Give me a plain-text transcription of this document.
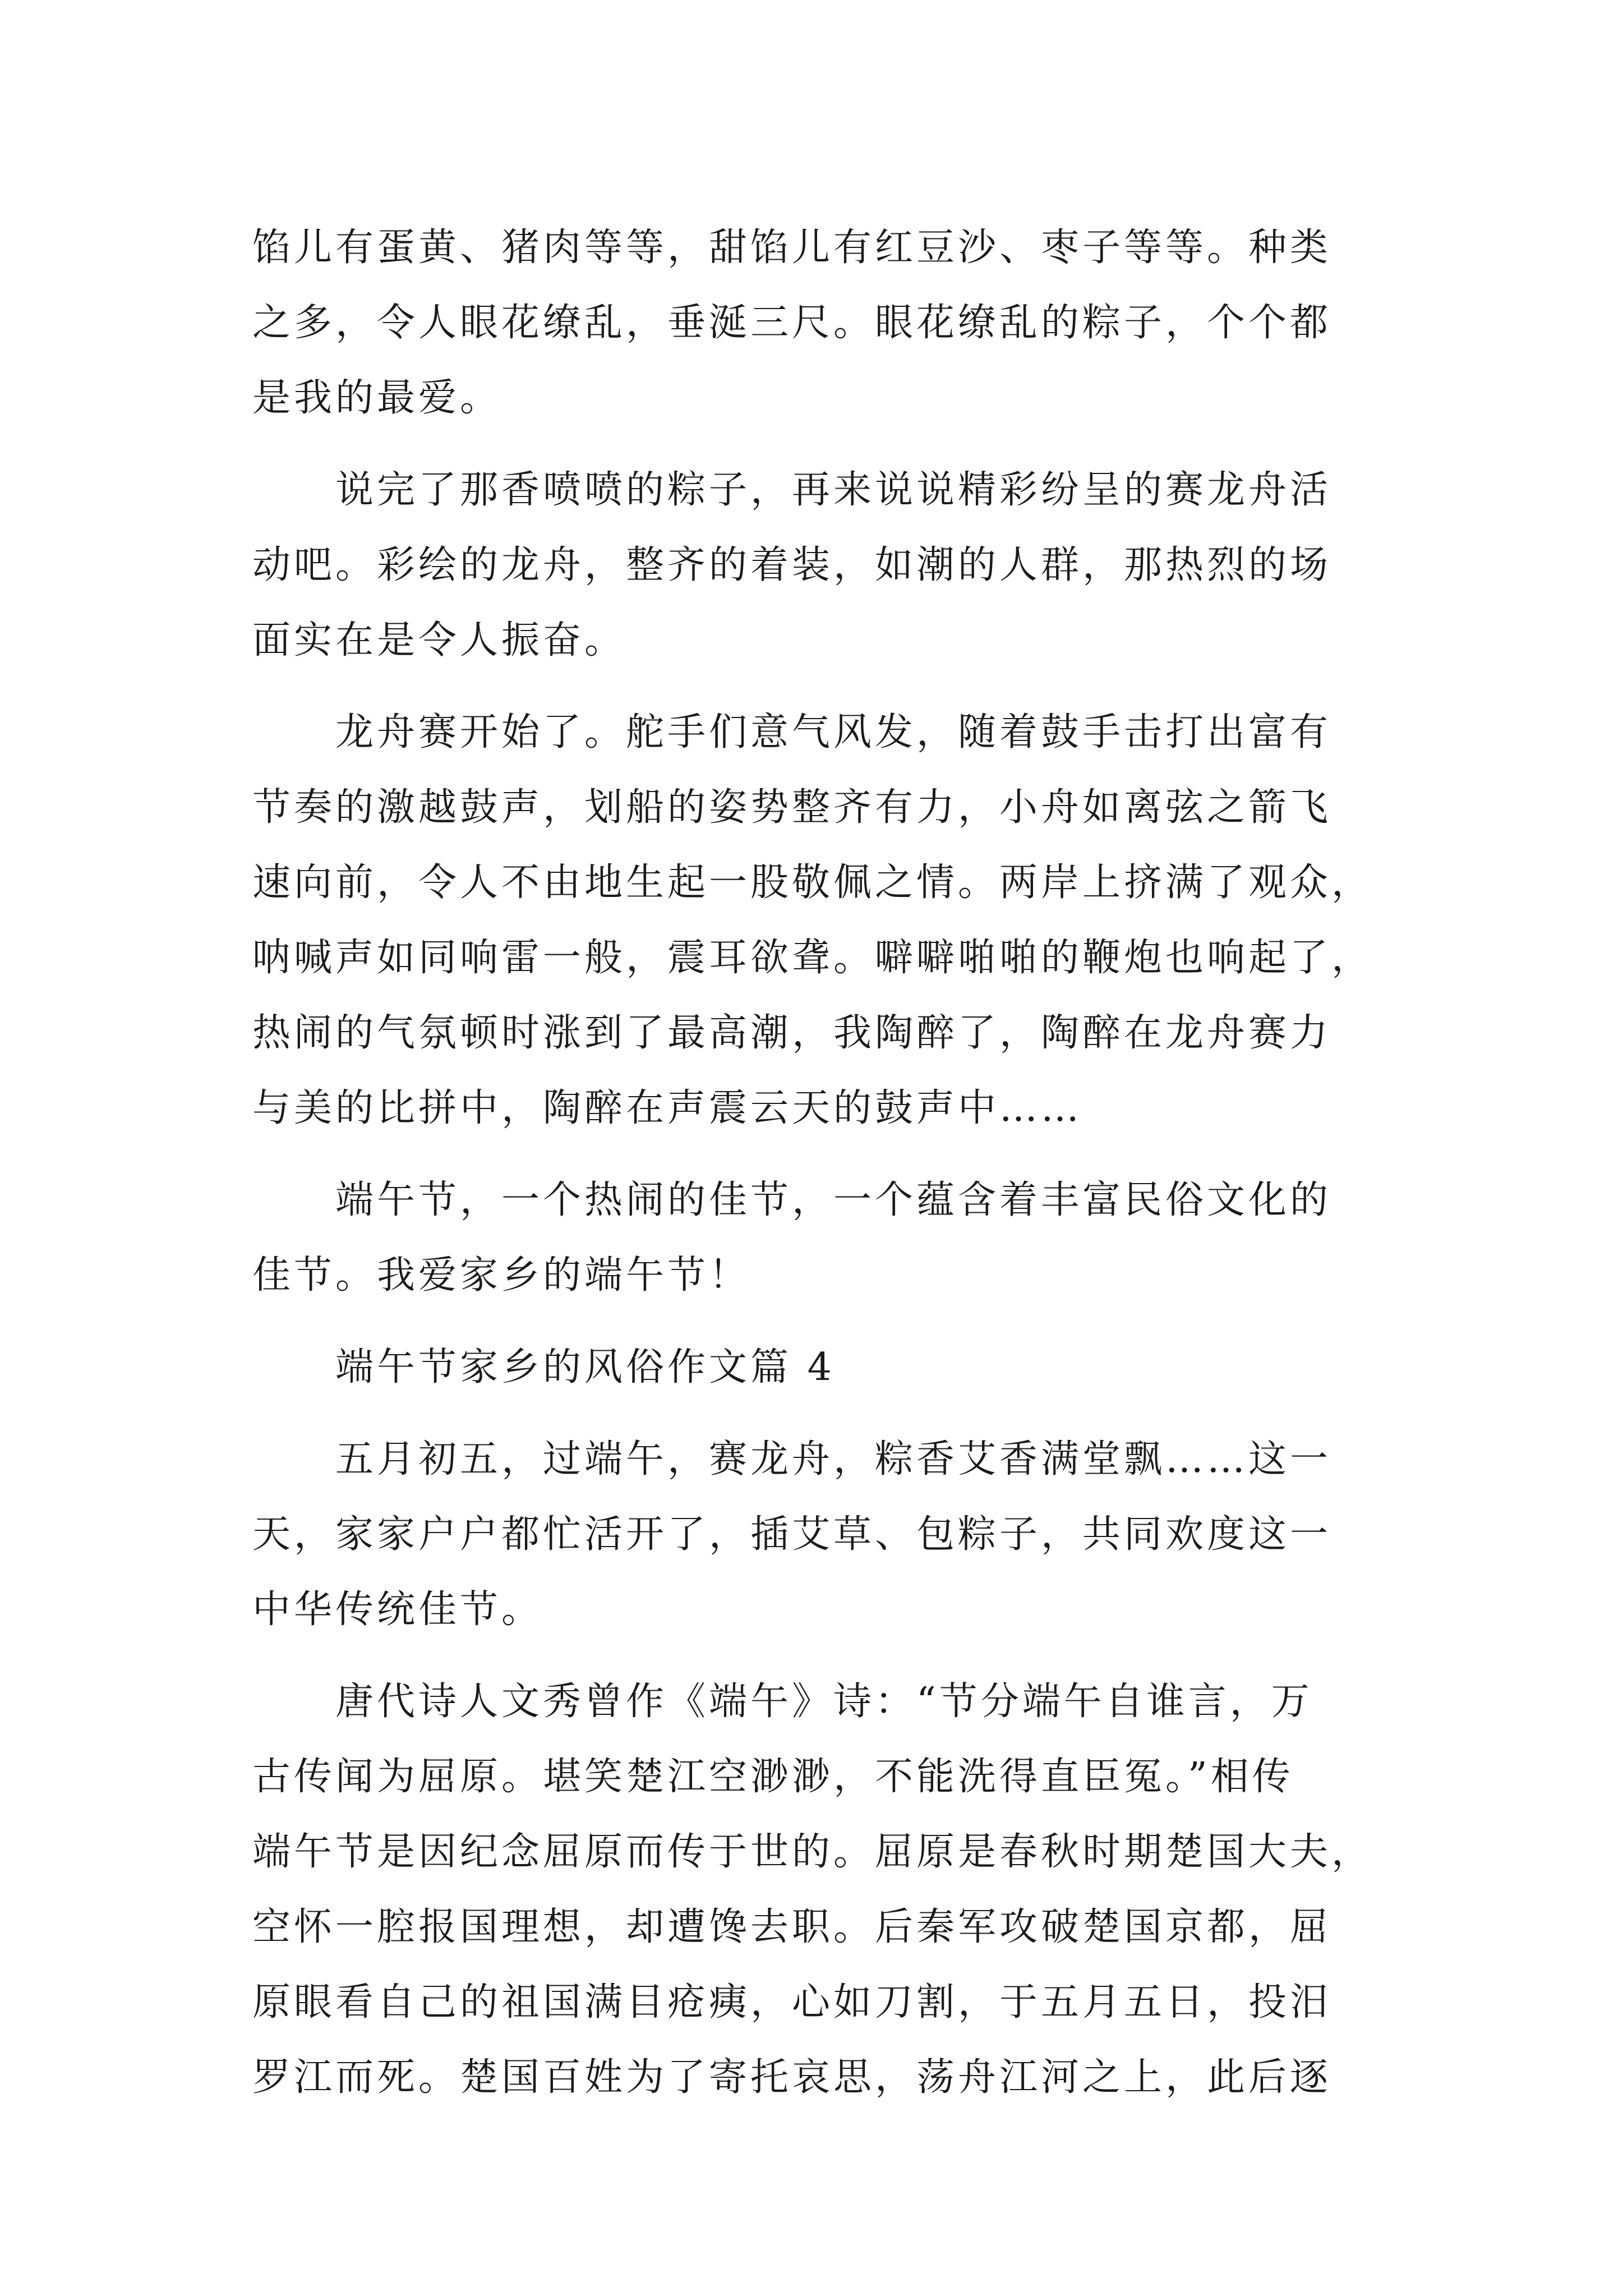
馅儿有蛋黄、猪肉等等，甜馅儿有红豆沙、枣子等等。种类
之多，令人眼花缭乱，垂涎三尺。眼花缭乱的粽子，个个都
是我的最爱。
　　说完了那香喷喷的粽子，再来说说精彩纷呈的赛龙舟活
动吧。彩绘的龙舟，整齐的着装，如潮的人群，那热烈的场
面实在是令人振奋。
　　龙舟赛开始了。舵手们意气风发，随着鼓手击打出富有
节奏的激越鼓声，划船的姿势整齐有力，小舟如离弦之箭飞
速向前，令人不由地生起一股敬佩之情。两岸上挤满了观众，
呐喊声如同响雷一般，震耳欲聋。噼噼啪啪的鞭炮也响起了，
热闹的气氛顿时涨到了最高潮，我陶醉了，陶醉在龙舟赛力
与美的比拼中，陶醉在声震云天的鼓声中……
　　端午节，一个热闹的佳节，一个蕴含着丰富民俗文化的
佳节。我爱家乡的端午节！
　　端午节家乡的风俗作文篇 4
　　五月初五，过端午，赛龙舟，粽香艾香满堂飘……这一
天，家家户户都忙活开了，插艾草、包粽子，共同欢度这一
中华传统佳节。
　　唐代诗人文秀曾作《端午》诗：“节分端午自谁言，万
古传闻为屈原。堪笑楚江空渺渺，不能洗得直臣冤。”相传
端午节是因纪念屈原而传于世的。屈原是春秋时期楚国大夫，
空怀一腔报国理想，却遭馋去职。后秦军攻破楚国京都，屈
原眼看自己的祖国满目疮痍，心如刀割，于五月五日，投汨
罗江而死。楚国百姓为了寄托哀思，荡舟江河之上，此后逐
